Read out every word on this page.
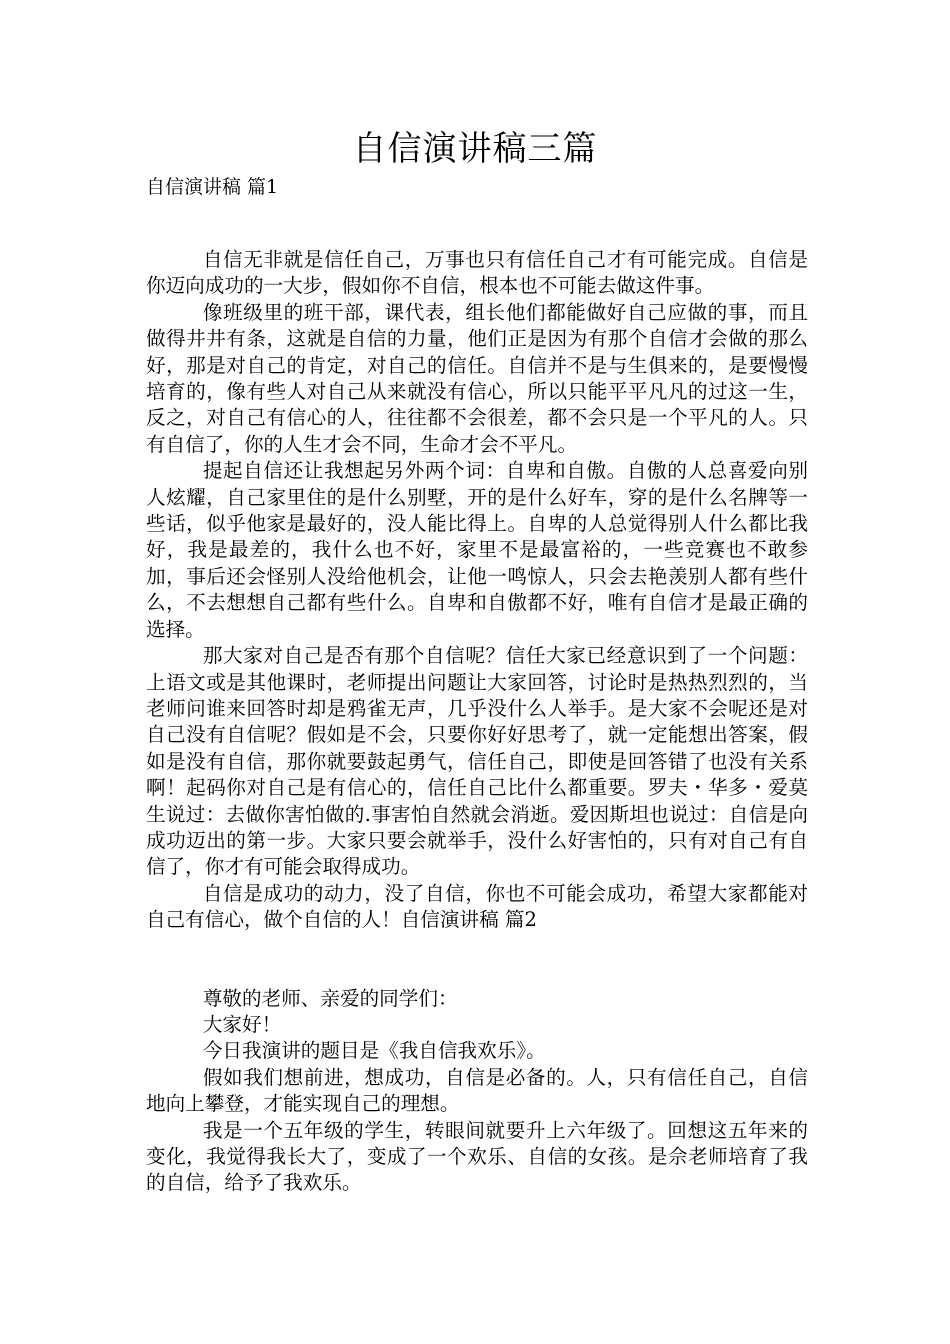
自信演讲稿三篇
自信演讲稿 篇1

自信无非就是信任自己，万事也只有信任自己才有可能完成。自信是你迈向成功的一大步，假如你不自信，根本也不可能去做这件事。

像班级里的班干部，课代表，组长他们都能做好自己应做的事，而且做得井井有条，这就是自信的力量，他们正是因为有那个自信才会做的那么好，那是对自己的肯定，对自己的信任。自信并不是与生俱来的，是要慢慢培育的，像有些人对自己从来就没有信心，所以只能平平凡凡的过这一生，反之，对自己有信心的人，往往都不会很差，都不会只是一个平凡的人。只有自信了，你的人生才会不同，生命才会不平凡。

提起自信还让我想起另外两个词：自卑和自傲。自傲的人总喜爱向别人炫耀，自己家里住的是什么别墅，开的是什么好车，穿的是什么名牌等一些话，似乎他家是最好的，没人能比得上。自卑的人总觉得别人什么都比我好，我是最差的，我什么也不好，家里不是最富裕的，一些竞赛也不敢参加，事后还会怪别人没给他机会，让他一鸣惊人，只会去艳羡别人都有些什么，不去想想自己都有些什么。自卑和自傲都不好，唯有自信才是最正确的选择。

那大家对自己是否有那个自信呢？信任大家已经意识到了一个问题：上语文或是其他课时，老师提出问题让大家回答，讨论时是热热烈烈的，当老师问谁来回答时却是鸦雀无声，几乎没什么人举手。是大家不会呢还是对自己没有自信呢？假如是不会，只要你好好思考了，就一定能想出答案，假如是没有自信，那你就要鼓起勇气，信任自己，即使是回答错了也没有关系啊！起码你对自己是有信心的，信任自己比什么都重要。罗夫・华多・爱莫生说过：去做你害怕做的.事害怕自然就会消逝。爱因斯坦也说过：自信是向成功迈出的第一步。大家只要会就举手，没什么好害怕的，只有对自己有自信了，你才有可能会取得成功。

自信是成功的动力，没了自信，你也不可能会成功，希望大家都能对自己有信心，做个自信的人！自信演讲稿 篇2

尊敬的老师、亲爱的同学们：

大家好！

今日我演讲的题目是《我自信我欢乐》。

假如我们想前进，想成功，自信是必备的。人，只有信任自己，自信地向上攀登，才能实现自己的理想。

我是一个五年级的学生，转眼间就要升上六年级了。回想这五年来的变化，我觉得我长大了，变成了一个欢乐、自信的女孩。是佘老师培育了我的自信，给予了我欢乐。
